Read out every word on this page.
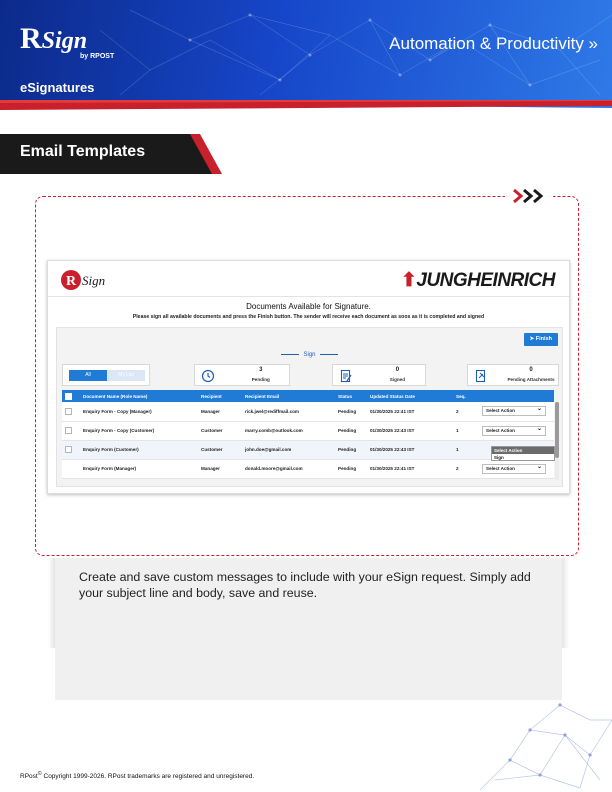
RSign
by RPOST
eSignatures
Automation & Productivity »
Email Templates
R Sign	⬆JUNGHEINRICH
Documents Available for Signature.
Please sign all available documents and press the Finish button. The sender will receive each document as soos as it is completed and signed
➤ Finish
Sign
All	My List
3
Pending
0
Signed
0
Pending Attachments
	Document Name (Role Name)	Recipient	Recipient Email	Status	Updated Status Date	Seq.	
	Enquiry Form - Copy (Manager)	Manager	rick.jwel@rediffmail.com	Pending	01/30/2025 22:41 IST	2	Select Action ⌄
	Enquiry Form - Copy (Customer)	Customer	marry.comb@outlook.com	Pending	01/30/2025 22:43 IST	1	Select Action ⌄
	Enquiry Form (Customer)	Customer	john.doe@gmail.com	Pending	01/30/2025 22:43 IST	1	
	Enquiry Form (Manager)	Manager	donald.moore@gmail.com	Pending	01/30/2025 22:41 IST	2	Select Action ⌄
Select Action
Sign
Create and save custom messages to include with your eSign request. Simply add your subject line and body, save and reuse.
RPost© Copyright 1999-2026. RPost trademarks are registered and unregistered.
